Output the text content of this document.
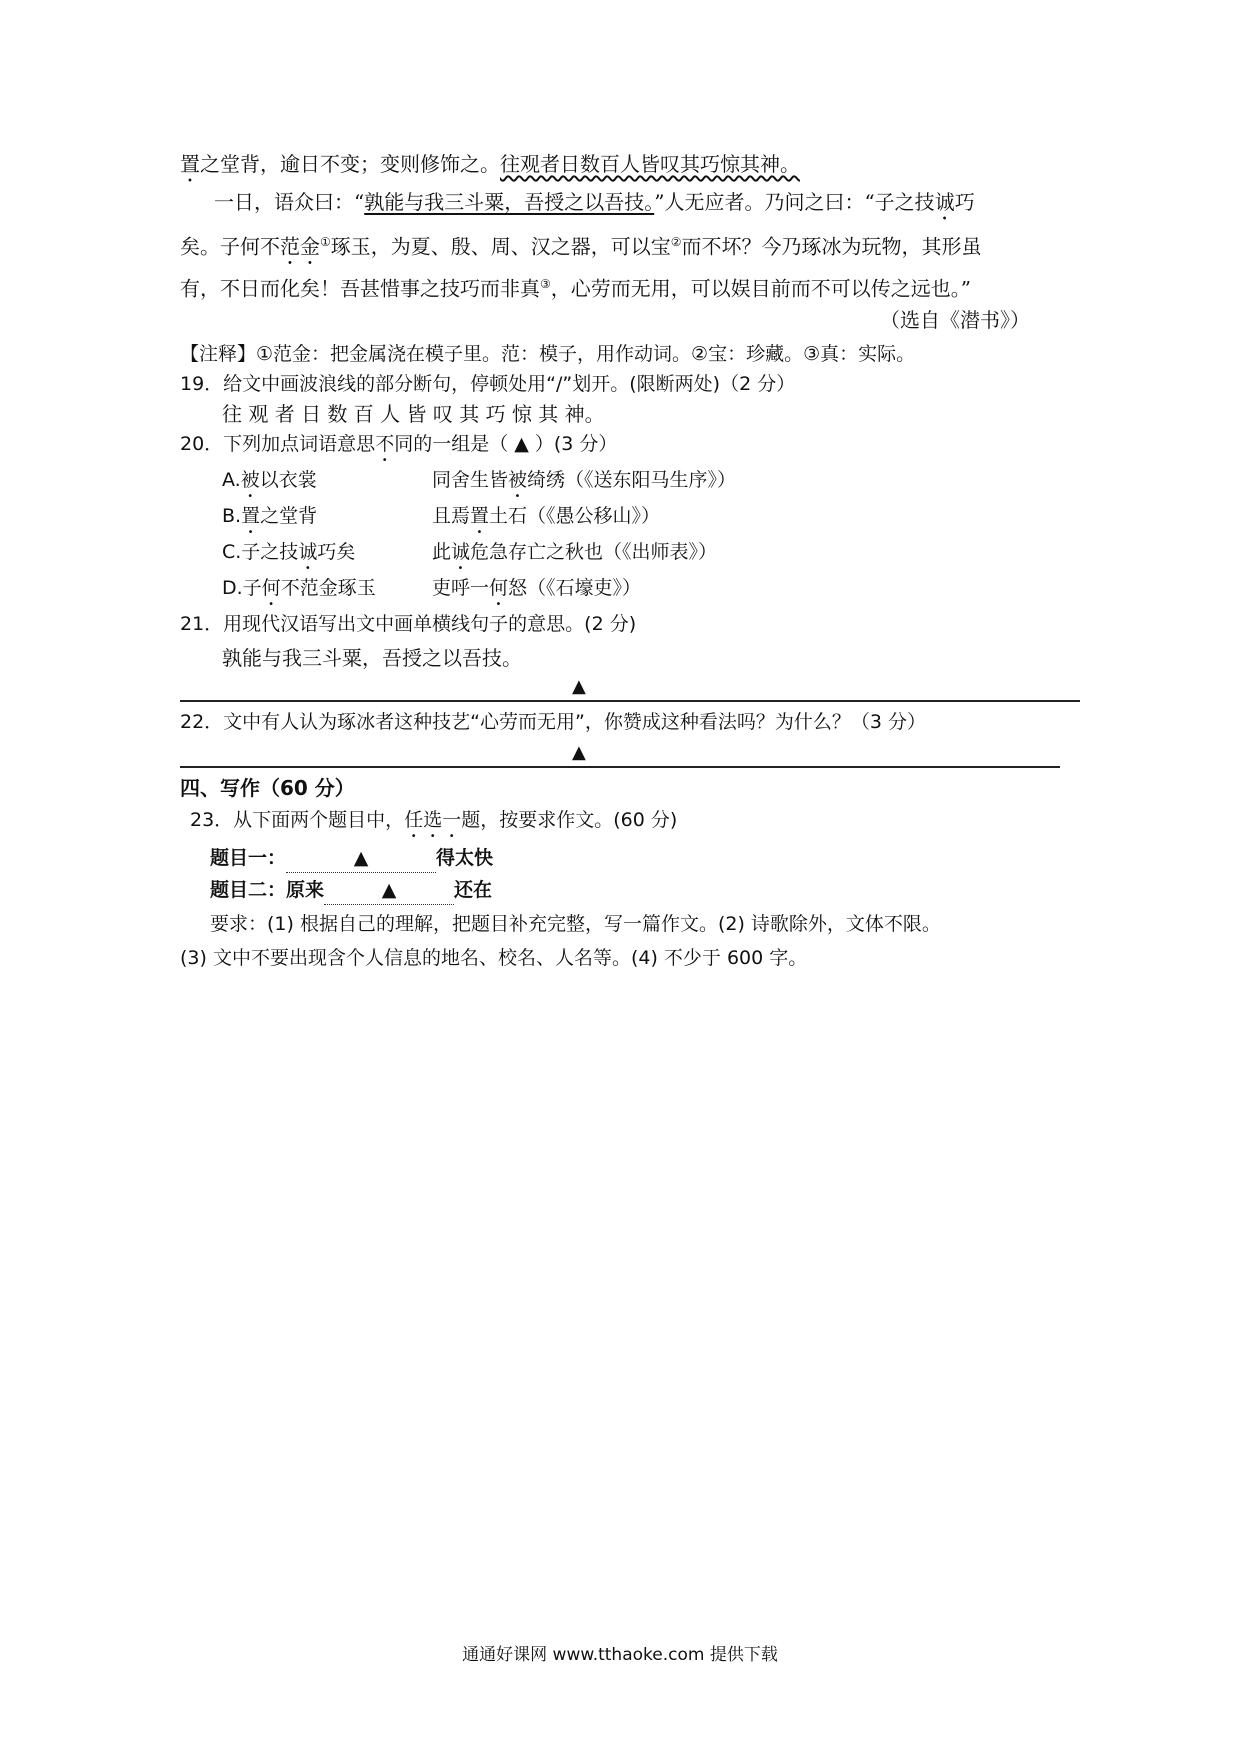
置之堂背，逾日不变；变则修饰之。往观者日数百人皆叹其巧惊其神。
一日，语众曰：“孰能与我三斗粟，吾授之以吾技。”人无应者。乃问之曰：“子之技诚巧
矣。子何不范金①琢玉，为夏、殷、周、汉之器，可以宝②而不坏？今乃琢冰为玩物，其形虽
有，不日而化矣！吾甚惜事之技巧而非真③，心劳而无用，可以娱目前而不可以传之远也。”
（选自《潜书》）
【注释】①范金：把金属浇在模子里。范：模子，用作动词。②宝：珍藏。③真：实际。
19．给文中画波浪线的部分断句，停顿处用“/”划开。(限断两处)（2 分）
往 观 者 日 数 百 人 皆 叹 其 巧 惊 其 神。
20．下列加点词语意思不同的一组是（ ▲ ）(3 分）
A.被以衣裳	同舍生皆被绮绣（《送东阳马生序》）
B.置之堂背	且焉置土石（《愚公移山》）
C.子之技诚巧矣	此诚危急存亡之秋也（《出师表》）
D.子何不范金琢玉	吏呼一何怒（《石壕吏》）
21．用现代汉语写出文中画单横线句子的意思。(2 分)
孰能与我三斗粟，吾授之以吾技。
▲
22．文中有人认为琢冰者这种技艺“心劳而无用”，你赞成这种看法吗？为什么？（3 分）
▲
四、写作（60 分）
23．从下面两个题目中，任选一题，按要求作文。(60 分)
题目一：	▲	得太快
题目二：原来	▲	还在
要求：(1) 根据自己的理解，把题目补充完整，写一篇作文。(2) 诗歌除外，文体不限。
(3) 文中不要出现含个人信息的地名、校名、人名等。(4) 不少于 600 字。
通通好课网 www.tthaoke.com 提供下载
